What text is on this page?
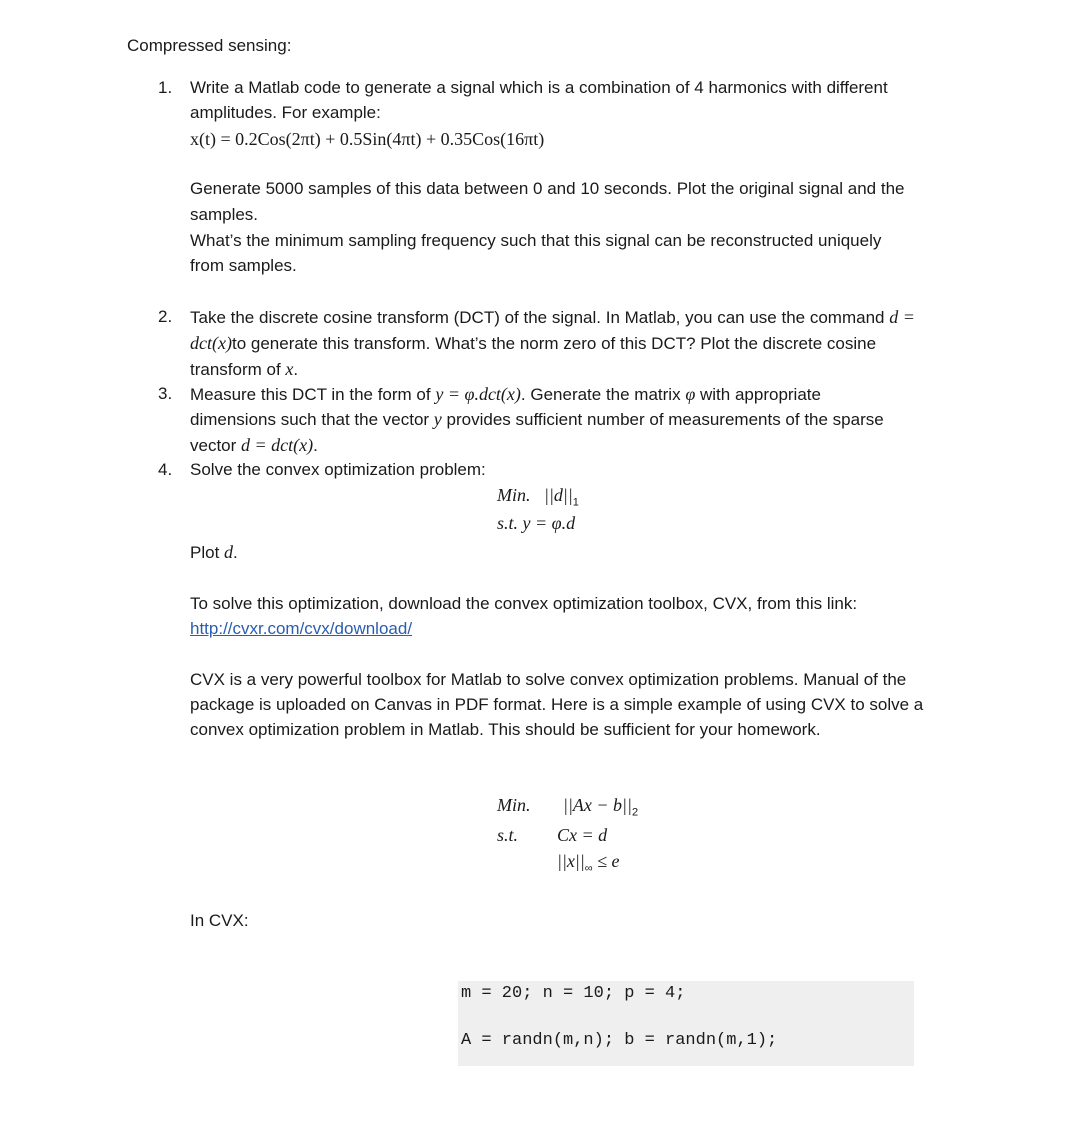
Compressed sensing:
1. Write a Matlab code to generate a signal which is a combination of 4 harmonics with different
amplitudes. For example:
x(t) = 0.2Cos(2πt) + 0.5Sin(4πt) + 0.35Cos(16πt)
Generate 5000 samples of this data between 0 and 10 seconds. Plot the original signal and the
samples.
What’s the minimum sampling frequency such that this signal can be reconstructed uniquely
from samples.
2. Take the discrete cosine transform (DCT) of the signal. In Matlab, you can use the command d =
dct(x)to generate this transform. What’s the norm zero of this DCT? Plot the discrete cosine
transform of x.
3. Measure this DCT in the form of y = φ.dct(x). Generate the matrix φ with appropriate
dimensions such that the vector y provides sufficient number of measurements of the sparse
vector d = dct(x).
4. Solve the convex optimization problem:
Min. $||d||_1$
s.t. y = φ.d
Plot d.
To solve this optimization, download the convex optimization toolbox, CVX, from this link:
http://cvxr.com/cvx/download/
CVX is a very powerful toolbox for Matlab to solve convex optimization problems. Manual of the
package is uploaded on Canvas in PDF format. Here is a simple example of using CVX to solve a
convex optimization problem in Matlab. This should be sufficient for your homework.
Min. $||Ax - b||_2$
s.t. Cx = d
$||x||_\infty \le e$
In CVX:
m = 20; n = 10; p = 4;
A = randn(m,n); b = randn(m,1);
